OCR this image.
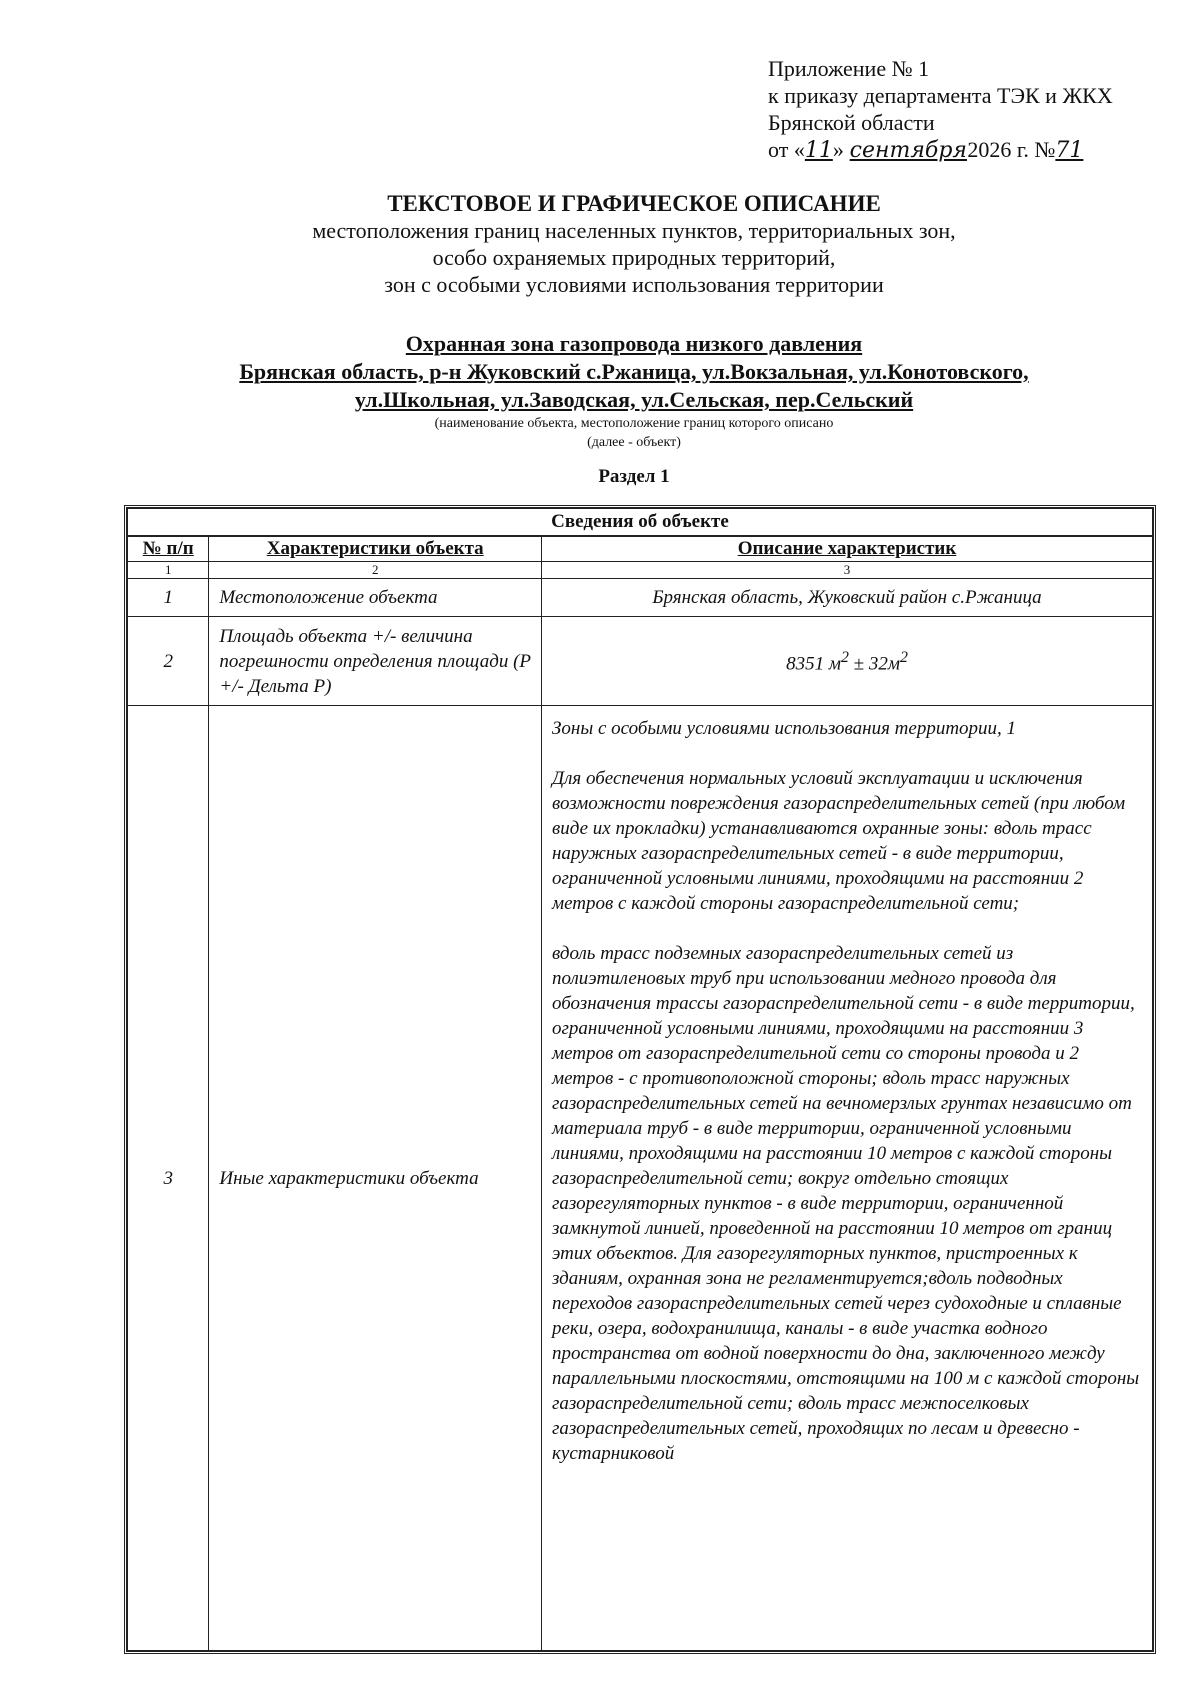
Приложение № 1
к приказу департамента ТЭК и ЖКХ
Брянской области
от «11» сентября2026 г. №71
ТЕКСТОВОЕ И ГРАФИЧЕСКОЕ ОПИСАНИЕ
местоположения границ населенных пунктов, территориальных зон,
особо охраняемых природных территорий,
зон с особыми условиями использования территории
Охранная зона газопровода низкого давления
Брянская область, р-н Жуковский с.Ржаница, ул.Вокзальная, ул.Конотовского,
ул.Школьная, ул.Заводская, ул.Сельская, пер.Сельский
(наименование объекта, местоположение границ которого описано
(далее - объект)
Раздел 1
Сведения об объекте		
№ п/п	Характеристики объекта	Описание характеристик
1	2	3
1	Местоположение объекта	Брянская область, Жуковский район с.Ржаница
2	Площадь объекта +/- величина погрешности определения площади (P +/- Дельта P)	8351 $м^2 \pm 32м^2$
3	Иные характеристики объекта	Зоны с особыми условиями использования территории, 1

Для обеспечения нормальных условий эксплуатации и исключения возможности повреждения газораспределительных сетей (при любом виде их прокладки) устанавливаются охранные зоны: вдоль трасс наружных газораспределительных сетей - в виде территории, ограниченной условными линиями, проходящими на расстоянии 2 метров с каждой стороны газораспределительной сети;

вдоль трасс подземных газораспределительных сетей из полиэтиленовых труб при использовании медного провода для обозначения трассы газораспределительной сети - в виде территории, ограниченной условными линиями, проходящими на расстоянии 3 метров от газораспределительной сети со стороны провода и 2 метров - с противоположной стороны; вдоль трасс наружных газораспределительных сетей на вечномерзлых грунтах независимо от материала труб - в виде территории, ограниченной условными линиями, проходящими на расстоянии 10 метров с каждой стороны газораспределительной сети; вокруг отдельно стоящих газорегуляторных пунктов - в виде территории, ограниченной замкнутой линией, проведенной на расстоянии 10 метров от границ этих объектов. Для газорегуляторных пунктов, пристроенных к зданиям, охранная зона не регламентируется;вдоль подводных переходов газораспределительных сетей через судоходные и сплавные реки, озера, водохранилища, каналы - в виде участка водного пространства от водной поверхности до дна, заключенного между параллельными плоскостями, отстоящими на 100 м с каждой стороны газораспределительной сети; вдоль трасс межпоселковых газораспределительных сетей, проходящих по лесам и древесно - кустарниковой
